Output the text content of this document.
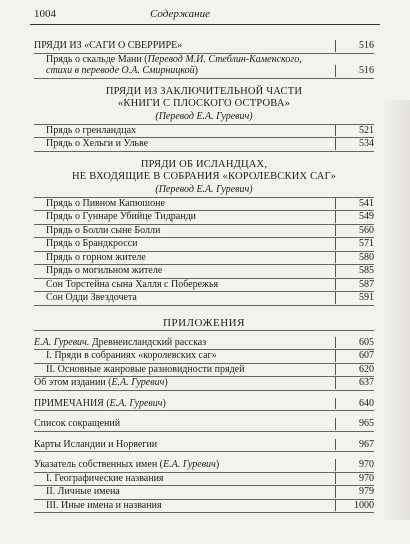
1004	Содержание
ПРЯДИ ИЗ «САГИ О СВЕРРИРЕ»	516
Прядь о скальде Мани (Перевод М.И. Стеблин-Каменского, стихи в переводе О.А. Смирницкой)	516
ПРЯДИ ИЗ ЗАКЛЮЧИТЕЛЬНОЙ ЧАСТИ
«КНИГИ С ПЛОСКОГО ОСТРОВА»
(Перевод Е.А. Гуревич)
Прядь о гренландцах	521
Прядь о Хельги и Ульве	534
ПРЯДИ ОБ ИСЛАНДЦАХ,
НЕ ВХОДЯЩИЕ В СОБРАНИЯ «КОРОЛЕВСКИХ САГ»
(Перевод Е.А. Гуревич)
Прядь о Пивном Капюшоне	541
Прядь о Гуннаре Убийце Тидранди	549
Прядь о Болли сыне Болли	560
Прядь о Брандкросси	571
Прядь о горном жителе	580
Прядь о могильном жителе	585
Сон Торстейна сына Халля с Побережья	587
Сон Одди Звездочета	591
ПРИЛОЖЕНИЯ
Е.А. Гуревич. Древнеисландский рассказ	605
I. Пряди в собраниях «королевских саг»	607
II. Основные жанровые разновидности прядей	620
Об этом издании (Е.А. Гуревич)	637
ПРИМЕЧАНИЯ (Е.А. Гуревич)	640
Список сокращений	965
Карты Исландии и Норвегии	967
Указатель собственных имен (Е.А. Гуревич)	970
I. Географические названия	970
II. Личные имена	979
III. Иные имена и названия	1000
